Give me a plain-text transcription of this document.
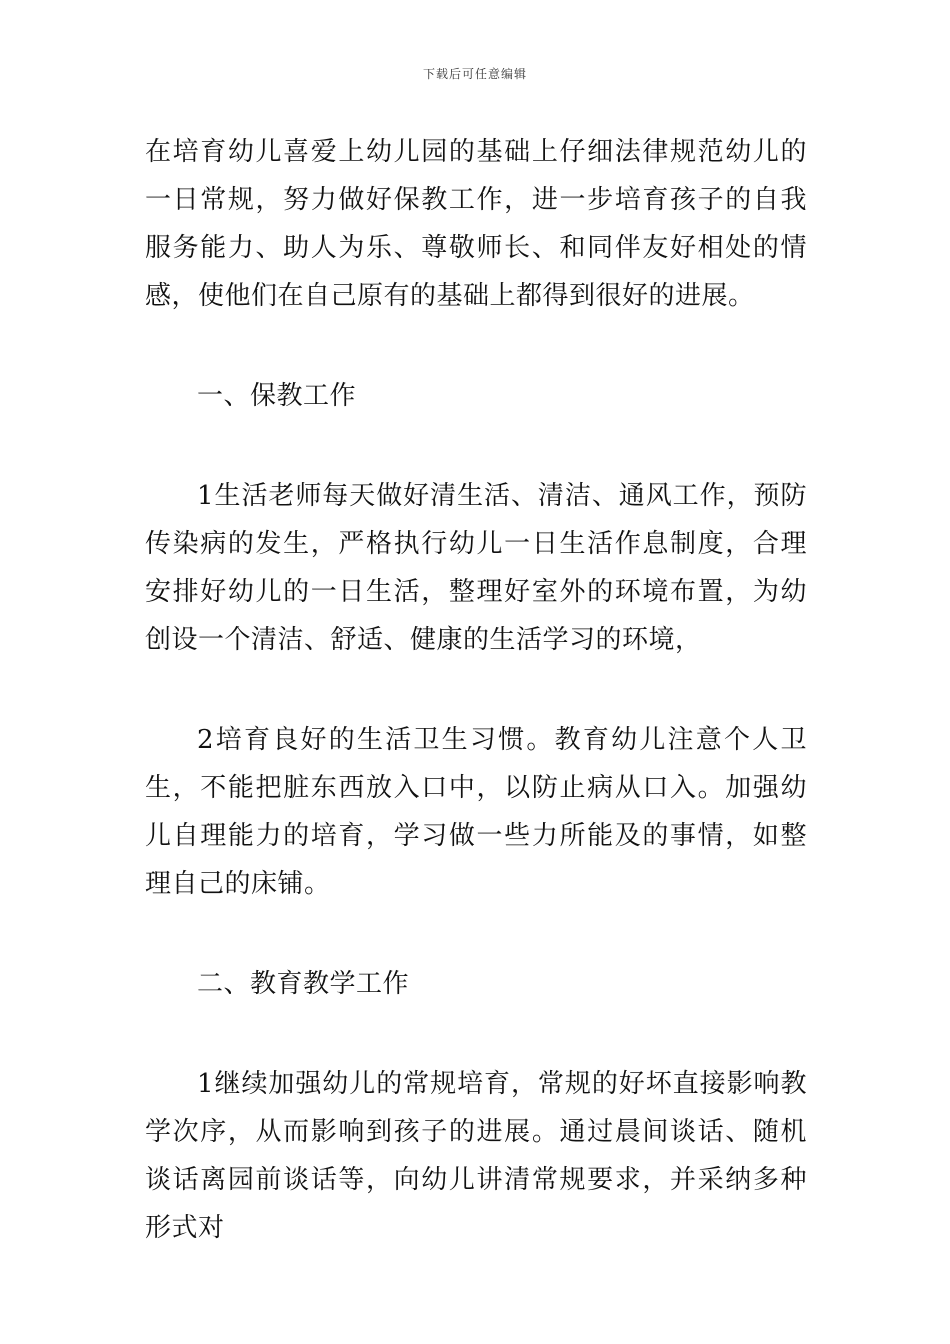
下载后可任意编辑

在培育幼儿喜爱上幼儿园的基础上仔细法律规范幼儿的一日常规，努力做好保教工作，进一步培育孩子的自我服务能力、助人为乐、尊敬师长、和同伴友好相处的情感，使他们在自己原有的基础上都得到很好的进展。

一、保教工作

1生活老师每天做好清生活、清洁、通风工作，预防传染病的发生，严格执行幼儿一日生活作息制度，合理安排好幼儿的一日生活，整理好室外的环境布置，为幼创设一个清洁、舒适、健康的生活学习的环境，

2培育良好的生活卫生习惯。教育幼儿注意个人卫生，不能把脏东西放入口中，以防止病从口入。加强幼儿自理能力的培育，学习做一些力所能及的事情，如整理自己的床铺。

二、教育教学工作

1继续加强幼儿的常规培育，常规的好坏直接影响教学次序，从而影响到孩子的进展。通过晨间谈话、随机谈话离园前谈话等，向幼儿讲清常规要求，并采纳多种形式对
